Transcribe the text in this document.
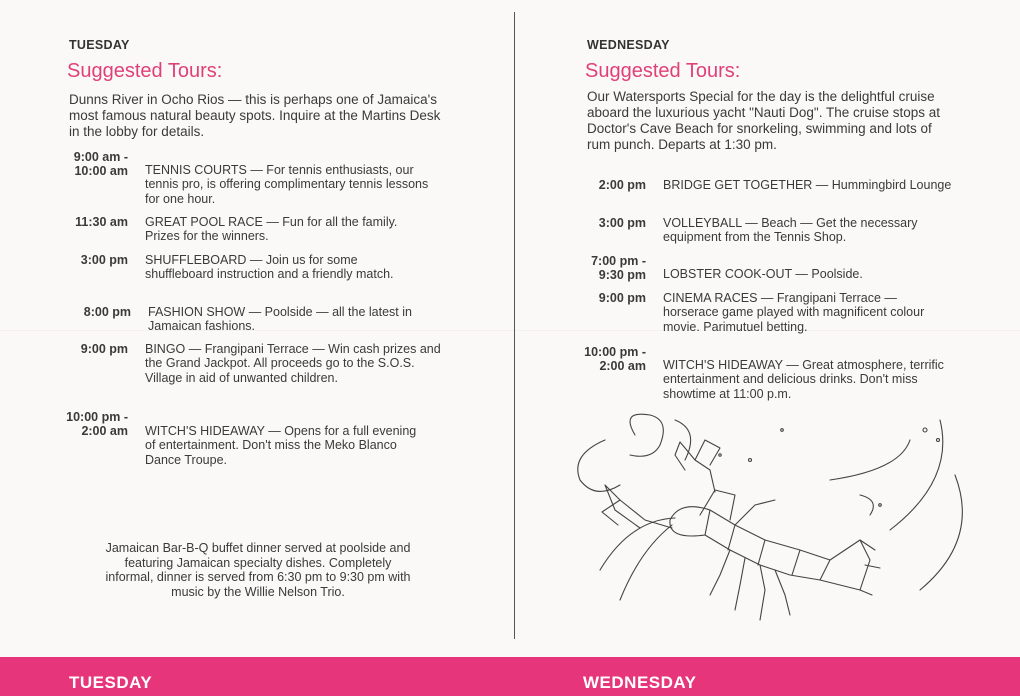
TUESDAY
Suggested Tours:

Dunns River in Ocho Rios — this is perhaps one of Jamaica's most famous natural beauty spots. Inquire at the Martins Desk in the lobby for details.

9:00 am -
10:00 am TENNIS COURTS — For tennis enthusiasts, our tennis pro, is offering complimentary tennis lessons for one hour.
11:30 am GREAT POOL RACE — Fun for all the family. Prizes for the winners.
3:00 pm SHUFFLEBOARD — Join us for some shuffleboard instruction and a friendly match.
8:00 pm FASHION SHOW — Poolside — all the latest in Jamaican fashions.
9:00 pm BINGO — Frangipani Terrace — Win cash prizes and the Grand Jackpot. All proceeds go to the S.O.S. Village in aid of unwanted children.
10:00 pm -
2:00 am WITCH'S HIDEAWAY — Opens for a full evening of entertainment. Don't miss the Meko Blanco Dance Troupe.
Jamaican Bar-B-Q buffet dinner served at poolside and featuring Jamaican specialty dishes. Completely informal, dinner is served from 6:30 pm to 9:30 pm with music by the Willie Nelson Trio.
WEDNESDAY
Suggested Tours:

Our Watersports Special for the day is the delightful cruise aboard the luxurious yacht "Nauti Dog". The cruise stops at Doctor's Cave Beach for snorkeling, swimming and lots of rum punch. Departs at 1:30 pm.

2:00 pm BRIDGE GET TOGETHER — Hummingbird Lounge
3:00 pm VOLLEYBALL — Beach — Get the necessary equipment from the Tennis Shop.
7:00 pm -
9:30 pm LOBSTER COOK-OUT — Poolside.
9:00 pm CINEMA RACES — Frangipani Terrace — horserace game played with magnificent colour movie. Parimutuel betting.
10:00 pm -
2:00 am WITCH'S HIDEAWAY — Great atmosphere, terrific entertainment and delicious drinks. Don't miss showtime at 11:00 p.m.
TUESDAY	WEDNESDAY
